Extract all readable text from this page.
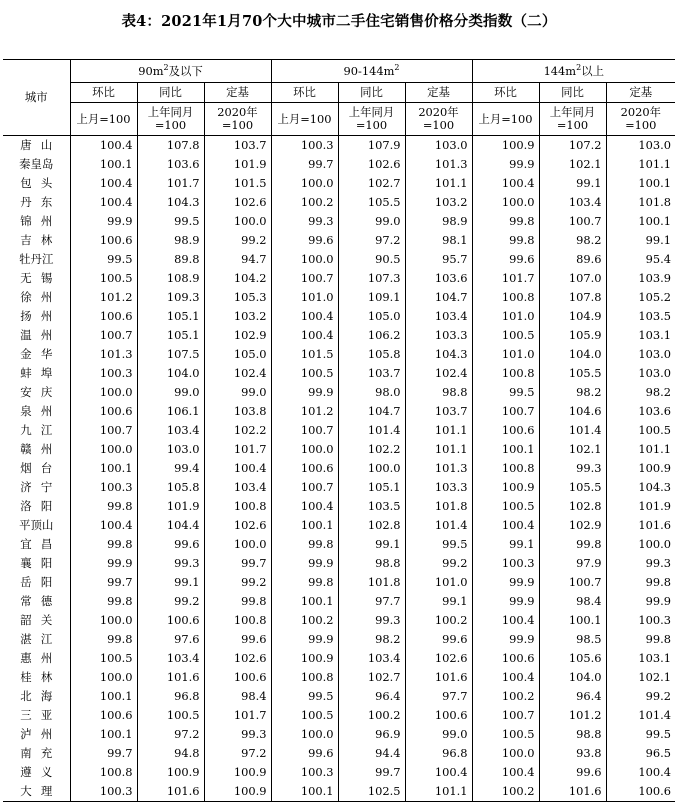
表4：2021年1月70个大中城市二手住宅销售价格分类指数（二）
城市	$90m^2$及以下			$90-144m^2$			$144m^2$以上		
	环比	同比	定基	环比	同比	定基	环比	同比	定基
	上月=100	上年同月=100	2020年=100	上月=100	上年同月=100	2020年=100	上月=100	上年同月=100	2020年=100
唐山	100.4	107.8	103.7	100.3	107.9	103.0	100.9	107.2	103.0
秦皇岛	100.1	103.6	101.9	99.7	102.6	101.3	99.9	102.1	101.1
包头	100.4	101.7	101.5	100.0	102.7	101.1	100.4	99.1	100.1
丹东	100.4	104.3	102.6	100.2	105.5	103.2	100.0	103.4	101.8
锦州	99.9	99.5	100.0	99.3	99.0	98.9	99.8	100.7	100.1
吉林	100.6	98.9	99.2	99.6	97.2	98.1	99.8	98.2	99.1
牡丹江	99.5	89.8	94.7	100.0	90.5	95.7	99.6	89.6	95.4
无锡	100.5	108.9	104.2	100.7	107.3	103.6	101.7	107.0	103.9
徐州	101.2	109.3	105.3	101.0	109.1	104.7	100.8	107.8	105.2
扬州	100.6	105.1	103.2	100.4	105.0	103.4	101.0	104.9	103.5
温州	100.7	105.1	102.9	100.4	106.2	103.3	100.5	105.9	103.1
金华	101.3	107.5	105.0	101.5	105.8	104.3	101.0	104.0	103.0
蚌埠	100.3	104.0	102.4	100.5	103.7	102.4	100.8	105.5	103.0
安庆	100.0	99.0	99.0	99.9	98.0	98.8	99.5	98.2	98.2
泉州	100.6	106.1	103.8	101.2	104.7	103.7	100.7	104.6	103.6
九江	100.7	103.4	102.2	100.7	101.4	101.1	100.6	101.4	100.5
赣州	100.0	103.0	101.7	100.0	102.2	101.1	100.1	102.1	101.1
烟台	100.1	99.4	100.4	100.6	100.0	101.3	100.8	99.3	100.9
济宁	100.3	105.8	103.4	100.7	105.1	103.3	100.9	105.5	104.3
洛阳	99.8	101.9	100.8	100.4	103.5	101.8	100.5	102.8	101.9
平顶山	100.4	104.4	102.6	100.1	102.8	101.4	100.4	102.9	101.6
宜昌	99.8	99.6	100.0	99.8	99.1	99.5	99.1	99.8	100.0
襄阳	99.9	99.3	99.7	99.9	98.8	99.2	100.3	97.9	99.3
岳阳	99.7	99.1	99.2	99.8	101.8	101.0	99.9	100.7	99.8
常德	99.8	99.2	99.8	100.1	97.7	99.1	99.9	98.4	99.9
韶关	100.0	100.6	100.8	100.2	99.3	100.2	100.4	100.1	100.3
湛江	99.8	97.6	99.6	99.9	98.2	99.6	99.9	98.5	99.8
惠州	100.5	103.4	102.6	100.9	103.4	102.6	100.6	105.6	103.1
桂林	100.0	101.6	100.6	100.8	102.7	101.6	100.4	104.0	102.1
北海	100.1	96.8	98.4	99.5	96.4	97.7	100.2	96.4	99.2
三亚	100.6	100.5	101.7	100.5	100.2	100.6	100.7	101.2	101.4
泸州	100.1	97.2	99.3	100.0	96.9	99.0	100.5	98.8	99.5
南充	99.7	94.8	97.2	99.6	94.4	96.8	100.0	93.8	96.5
遵义	100.8	100.9	100.9	100.3	99.7	100.4	100.4	99.6	100.4
大理	100.3	101.6	100.9	100.1	102.5	101.1	100.2	101.6	100.6
